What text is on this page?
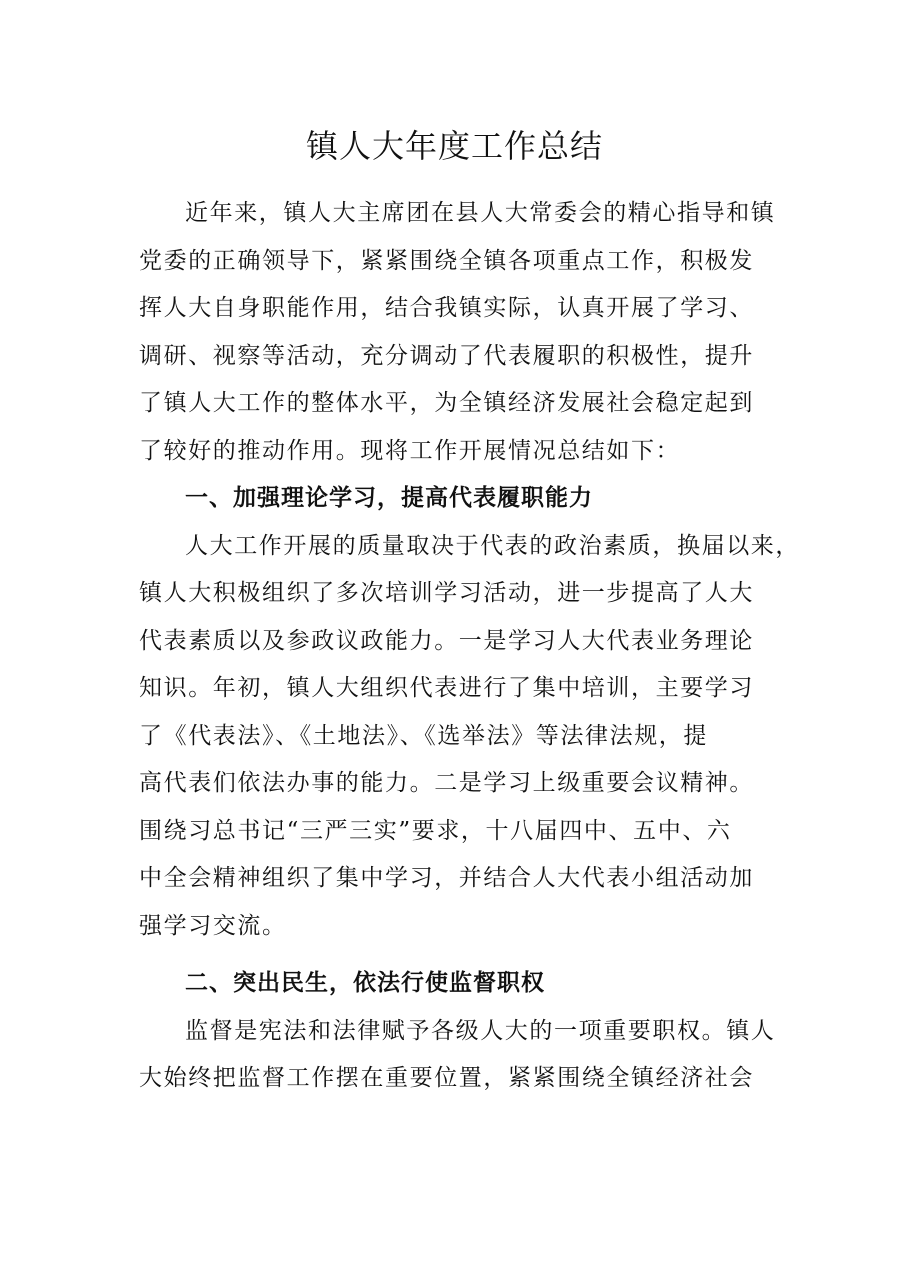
镇人大年度工作总结
近年来，镇人大主席团在县人大常委会的精心指导和镇
党委的正确领导下，紧紧围绕全镇各项重点工作，积极发
挥人大自身职能作用，结合我镇实际，认真开展了学习、
调研、视察等活动，充分调动了代表履职的积极性，提升
了镇人大工作的整体水平，为全镇经济发展社会稳定起到
了较好的推动作用。现将工作开展情况总结如下：
一、加强理论学习，提高代表履职能力
人大工作开展的质量取决于代表的政治素质，换届以来，
镇人大积极组织了多次培训学习活动，进一步提高了人大
代表素质以及参政议政能力。一是学习人大代表业务理论
知识。年初，镇人大组织代表进行了集中培训，主要学习
了《代表法》、《土地法》、《选举法》等法律法规，提
高代表们依法办事的能力。二是学习上级重要会议精神。
围绕习总书记“三严三实”要求，十八届四中、五中、六
中全会精神组织了集中学习，并结合人大代表小组活动加
强学习交流。
二、突出民生，依法行使监督职权
监督是宪法和法律赋予各级人大的一项重要职权。镇人
大始终把监督工作摆在重要位置，紧紧围绕全镇经济社会
